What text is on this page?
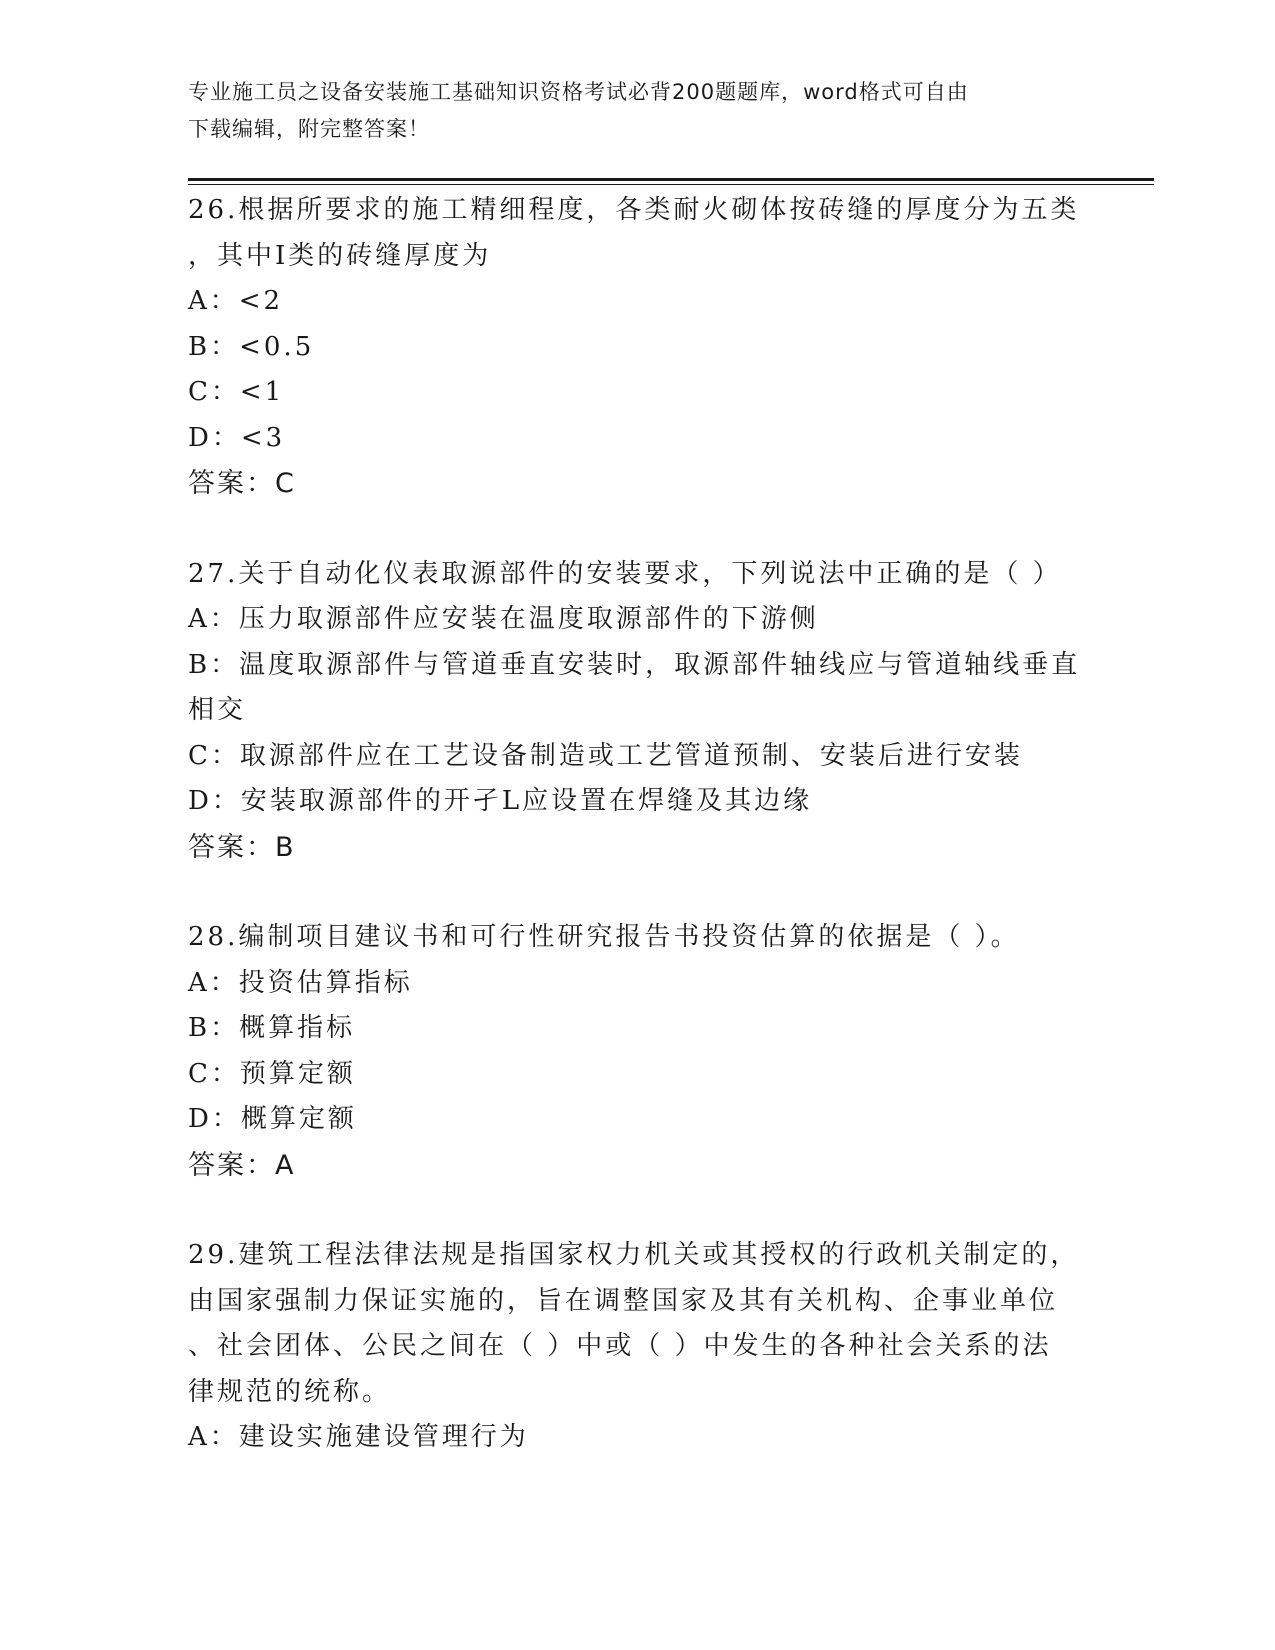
专业施工员之设备安装施工基础知识资格考试必背200题题库，word格式可自由
下载编辑，附完整答案！
26.根据所要求的施工精细程度，各类耐火砌体按砖缝的厚度分为五类
，其中Ⅰ类的砖缝厚度为
A：<2
B：<0.5
C：<1
D：<3
答案：C
27.关于自动化仪表取源部件的安装要求，下列说法中正确的是（ ）
A：压力取源部件应安装在温度取源部件的下游侧
B：温度取源部件与管道垂直安装时，取源部件轴线应与管道轴线垂直
相交
C：取源部件应在工艺设备制造或工艺管道预制、安装后进行安装
D：安装取源部件的开孑L应设置在焊缝及其边缘
答案：B
28.编制项目建议书和可行性研究报告书投资估算的依据是（ ）。
A：投资估算指标
B：概算指标
C：预算定额
D：概算定额
答案：A
29.建筑工程法律法规是指国家权力机关或其授权的行政机关制定的，
由国家强制力保证实施的，旨在调整国家及其有关机构、企事业单位
、社会团体、公民之间在（ ）中或（ ）中发生的各种社会关系的法
律规范的统称。
A：建设实施建设管理行为
